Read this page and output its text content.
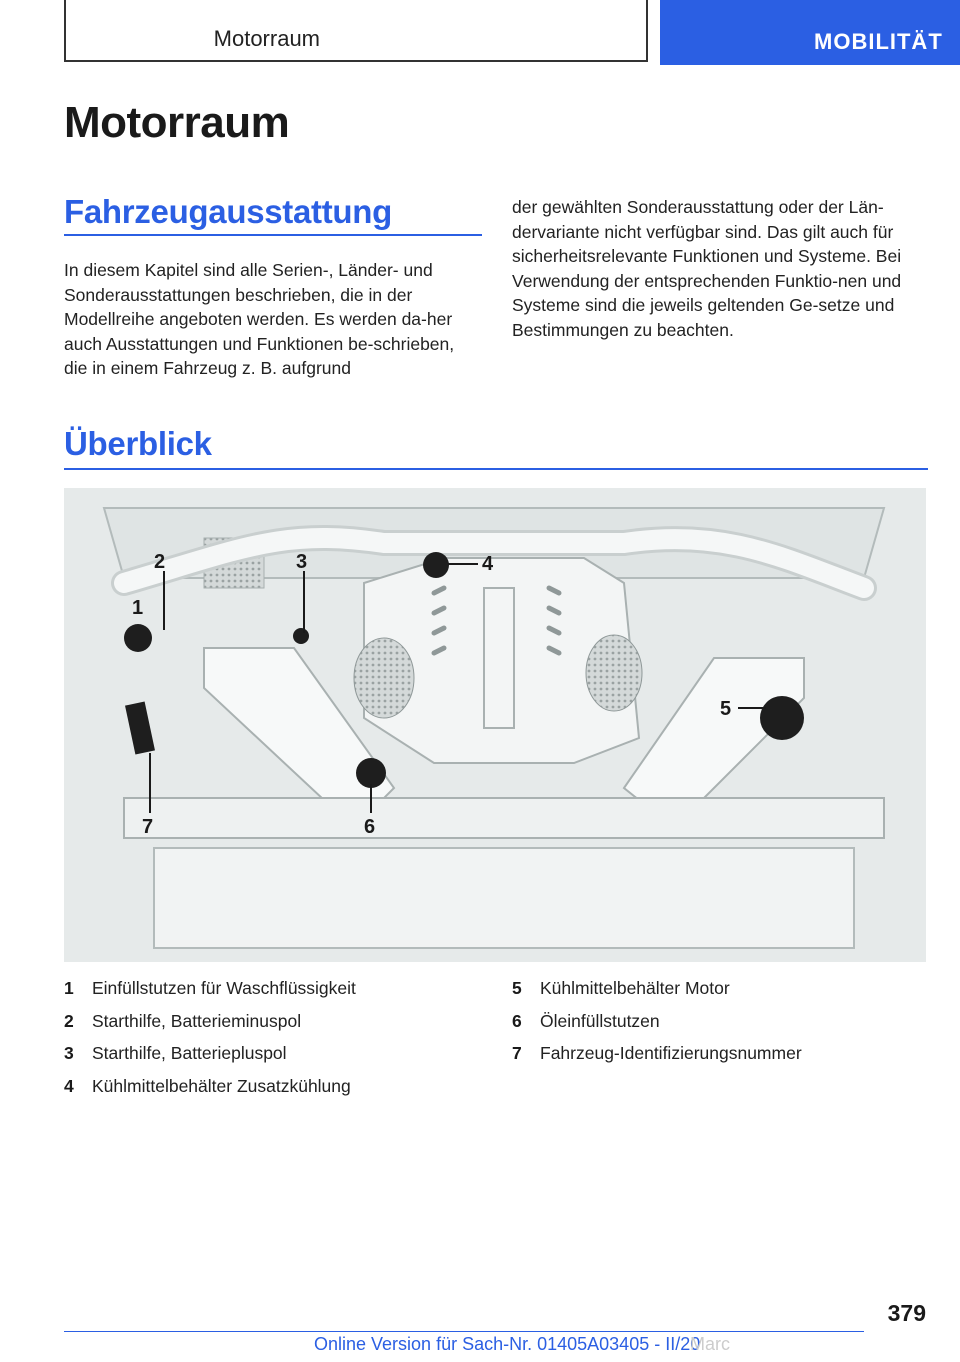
Motorraum	MOBILITÄT
Motorraum
Fahrzeugausstattung

In diesem Kapitel sind alle Serien-, Länder- und Sonderausstattungen beschrieben, die in der Modellreihe angeboten werden. Es werden da-her auch Ausstattungen und Funktionen be-schrieben, die in einem Fahrzeug z. B. aufgrund

der gewählten Sonderausstattung oder der Län-dervariante nicht verfügbar sind. Das gilt auch für sicherheitsrelevante Funktionen und Systeme. Bei Verwendung der entsprechenden Funktio-nen und Systeme sind die jeweils geltenden Ge-setze und Bestimmungen zu beachten.

Überblick
1
2	3	4
5
6
7
1	Einfüllstutzen für Waschflüssigkeit
2	Starthilfe, Batterieminuspol
3	Starthilfe, Batteriepluspol
4	Kühlmittelbehälter Zusatzkühlung
5	Kühlmittelbehälter Motor
6	Öleinfüllstutzen
7	Fahrzeug-Identifizierungsnummer
379
Online Version für Sach-Nr. 01405A03405 - II/20
Marc
